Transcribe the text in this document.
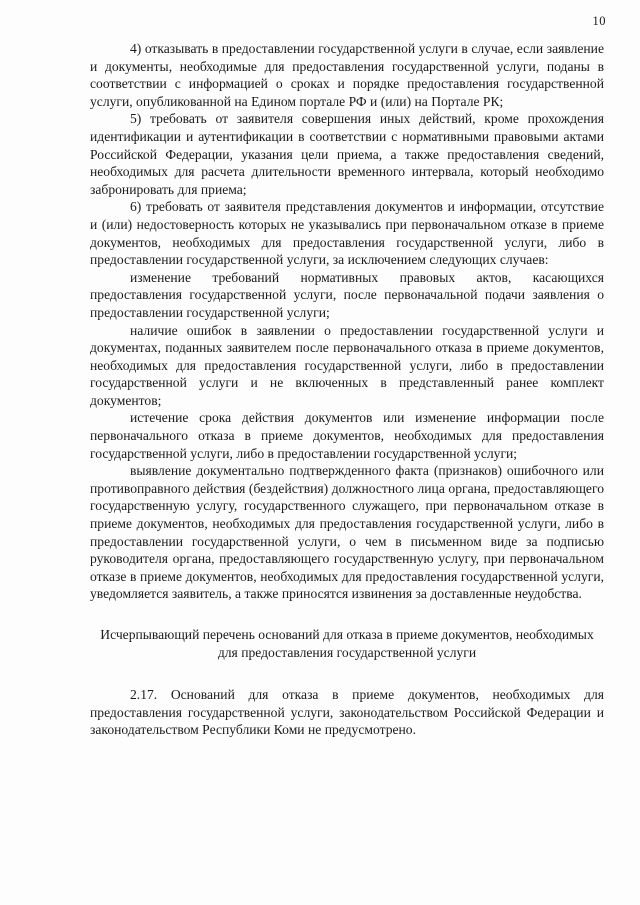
10

4) отказывать в предоставлении государственной услуги в случае, если заявление и документы, необходимые для предоставления государственной услуги, поданы в соответствии с информацией о сроках и порядке предоставления государственной услуги, опубликованной на Едином портале РФ и (или) на Портале РК;

5) требовать от заявителя совершения иных действий, кроме прохождения идентификации и аутентификации в соответствии с нормативными правовыми актами Российской Федерации, указания цели приема, а также предоставления сведений, необходимых для расчета длительности временного интервала, который необходимо забронировать для приема;

6) требовать от заявителя представления документов и информации, отсутствие и (или) недостоверность которых не указывались при первоначальном отказе в приеме документов, необходимых для предоставления государственной услуги, либо в предоставлении государственной услуги, за исключением следующих случаев:

изменение требований нормативных правовых актов, касающихся предоставления государственной услуги, после первоначальной подачи заявления о предоставлении государственной услуги;

наличие ошибок в заявлении о предоставлении государственной услуги и документах, поданных заявителем после первоначального отказа в приеме документов, необходимых для предоставления государственной услуги, либо в предоставлении государственной услуги и не включенных в представленный ранее комплект документов;

истечение срока действия документов или изменение информации после первоначального отказа в приеме документов, необходимых для предоставления государственной услуги, либо в предоставлении государственной услуги;

выявление документально подтвержденного факта (признаков) ошибочного или противоправного действия (бездействия) должностного лица органа, предоставляющего государственную услугу, государственного служащего, при первоначальном отказе в приеме документов, необходимых для предоставления государственной услуги, либо в предоставлении государственной услуги, о чем в письменном виде за подписью руководителя органа, предоставляющего государственную услугу, при первоначальном отказе в приеме документов, необходимых для предоставления государственной услуги, уведомляется заявитель, а также приносятся извинения за доставленные неудобства.

Исчерпывающий перечень оснований для отказа в приеме документов, необходимых для предоставления государственной услуги

2.17. Оснований для отказа в приеме документов, необходимых для предоставления государственной услуги, законодательством Российской Федерации и законодательством Республики Коми не предусмотрено.
